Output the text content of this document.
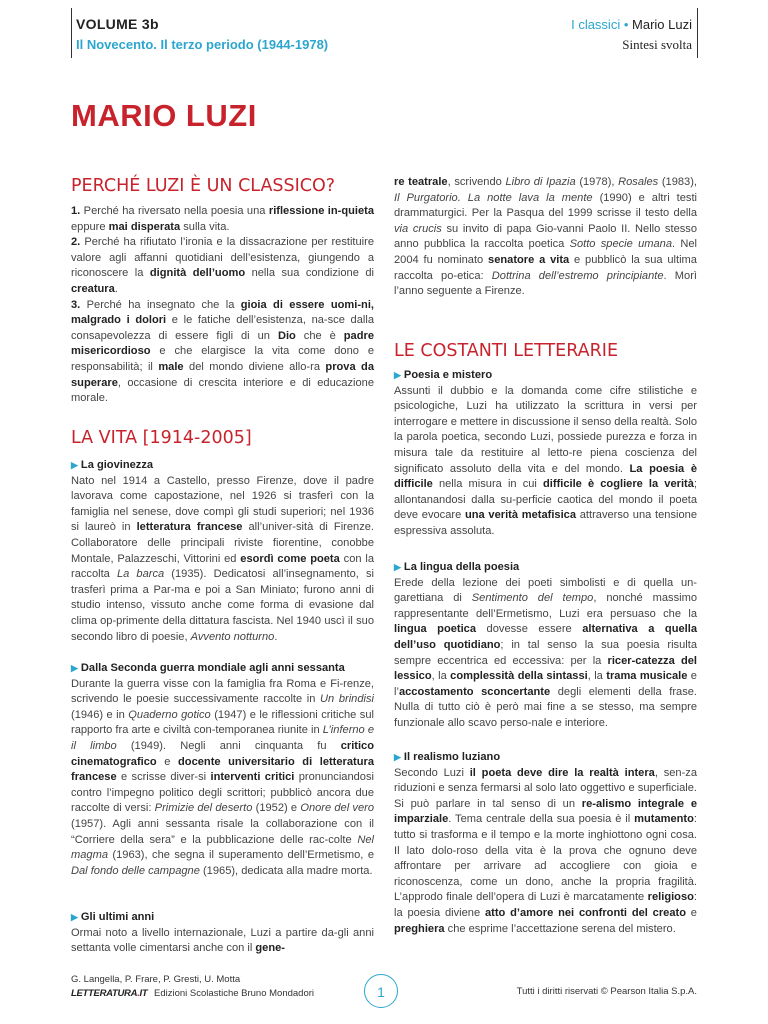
VOLUME 3b
Il Novecento. Il terzo periodo (1944-1978)
I classici • Mario Luzi
Sintesi svolta
MARIO LUZI
PERCHÉ LUZI È UN CLASSICO?
1. Perché ha riversato nella poesia una riflessione in-quieta eppure mai disperata sulla vita.
2. Perché ha rifiutato l’ironia e la dissacrazione per restituire valore agli affanni quotidiani dell’esistenza, giungendo a riconoscere la dignità dell’uomo nella sua condizione di creatura.
3. Perché ha insegnato che la gioia di essere uomi-ni, malgrado i dolori e le fatiche dell’esistenza, na-sce dalla consapevolezza di essere figli di un Dio che è padre misericordioso e che elargisce la vita come dono e responsabilità; il male del mondo diviene allo-ra prova da superare, occasione di crescita interiore e di educazione morale.
LA VITA [1914-2005]
▶ La giovinezza
Nato nel 1914 a Castello, presso Firenze, dove il padre lavorava come capostazione, nel 1926 si trasferì con la famiglia nel senese, dove compì gli studi superiori; nel 1936 si laureò in letteratura francese all’univer-sità di Firenze. Collaboratore delle principali riviste fiorentine, conobbe Montale, Palazzeschi, Vittorini ed esordì come poeta con la raccolta La barca (1935). Dedicatosi all’insegnamento, si trasferì prima a Par-ma e poi a San Miniato; furono anni di studio intenso, vissuto anche come forma di evasione dal clima op-primente della dittatura fascista. Nel 1940 uscì il suo secondo libro di poesie, Avvento notturno.
▶ Dalla Seconda guerra mondiale agli anni sessanta
Durante la guerra visse con la famiglia fra Roma e Fi-renze, scrivendo le poesie successivamente raccolte in Un brindisi (1946) e in Quaderno gotico (1947) e le riflessioni critiche sul rapporto fra arte e civiltà con-temporanea riunite in L’inferno e il limbo (1949). Negli anni cinquanta fu critico cinematografico e docente universitario di letteratura francese e scrisse diver-si interventi critici pronunciandosi contro l’impegno politico degli scrittori; pubblicò ancora due raccolte di versi: Primizie del deserto (1952) e Onore del vero (1957). Agli anni sessanta risale la collaborazione con il “Corriere della sera” e la pubblicazione delle rac-colte Nel magma (1963), che segna il superamento dell’Ermetismo, e Dal fondo delle campagne (1965), dedicata alla madre morta.
▶ Gli ultimi anni
Ormai noto a livello internazionale, Luzi a partire da-gli anni settanta volle cimentarsi anche con il gene-
re teatrale, scrivendo Libro di Ipazia (1978), Rosales (1983), Il Purgatorio. La notte lava la mente (1990) e altri testi drammaturgici. Per la Pasqua del 1999 scrisse il testo della via crucis su invito di papa Gio-vanni Paolo II. Nello stesso anno pubblica la raccolta poetica Sotto specie umana. Nel 2004 fu nominato senatore a vita e pubblicò la sua ultima raccolta po-etica: Dottrina dell’estremo principiante. Morì l’anno seguente a Firenze.
LE COSTANTI LETTERARIE
▶ Poesia e mistero
Assunti il dubbio e la domanda come cifre stilistiche e psicologiche, Luzi ha utilizzato la scrittura in versi per interrogare e mettere in discussione il senso della realtà. Solo la parola poetica, secondo Luzi, possiede purezza e forza in misura tale da restituire al letto-re piena coscienza del significato assoluto della vita e del mondo. La poesia è difficile nella misura in cui difficile è cogliere la verità; allontanandosi dalla su-perficie caotica del mondo il poeta deve evocare una verità metafisica attraverso una tensione espressiva assoluta.
▶ La lingua della poesia
Erede della lezione dei poeti simbolisti e di quella un-garettiana di Sentimento del tempo, nonché massimo rappresentante dell’Ermetismo, Luzi era persuaso che la lingua poetica dovesse essere alternativa a quella dell’uso quotidiano; in tal senso la sua poesia risulta sempre eccentrica ed eccessiva: per la ricer-catezza del lessico, la complessità della sintassi, la trama musicale e l’accostamento sconcertante degli elementi della frase. Nulla di tutto ciò è però mai fine a se stesso, ma sempre funzionale allo scavo perso-nale e interiore.
▶ Il realismo luziano
Secondo Luzi il poeta deve dire la realtà intera, sen-za riduzioni e senza fermarsi al solo lato oggettivo e superficiale. Si può parlare in tal senso di un re-alismo integrale e imparziale. Tema centrale della sua poesia è il mutamento: tutto si trasforma e il tempo e la morte inghiottono ogni cosa. Il lato dolo-roso della vita è la prova che ognuno deve affrontare per arrivare ad accogliere con gioia e riconoscenza, come un dono, anche la propria fragilità. L’approdo finale dell’opera di Luzi è marcatamente religioso: la poesia diviene atto d’amore nei confronti del creato e preghiera che esprime l’accettazione serena del mistero.
G. Langella, P. Frare, P. Gresti, U. Motta
LETTERATURA.IT Edizioni Scolastiche Bruno Mondadori	1	Tutti i diritti riservati © Pearson Italia S.p.A.
